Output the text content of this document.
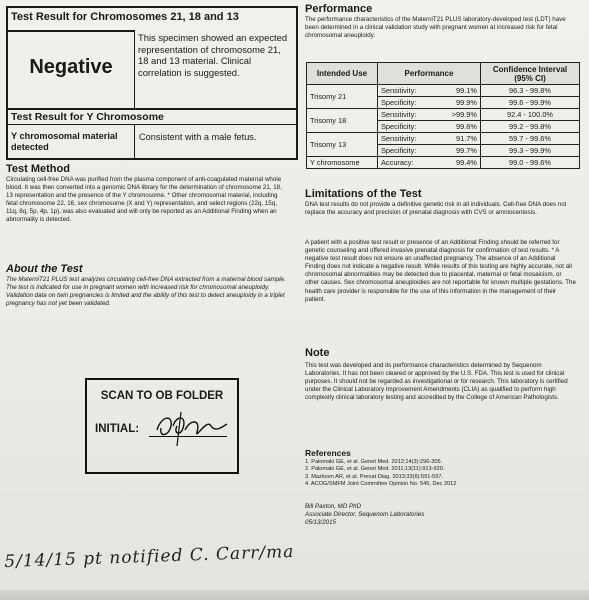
Test Result for Chromosomes 21, 18 and 13
Negative
This specimen showed an expected representation of chromosome 21, 18 and 13 material. Clinical correlation is suggested.
Test Result for Y Chromosome
Y chromosomal material detected
Consistent with a male fetus.
Test Method
Circulating cell-free DNA was purified from the plasma component of anti-coagulated maternal whole blood. It was then converted into a genomic DNA library for the determination of chromosome 21, 18, 13 representation and the presence of the Y chromosome. * Other chromosomal material, including fetal chromosome 22, 16, sex chromosome (X and Y) representation, and select regions (22q, 15q, 11q, 8q, 5p, 4p, 1p), was also evaluated and will only be reported as an Additional Finding when an abnormality is detected.
About the Test
The MaterniT21 PLUS test analyzes circulating cell-free DNA extracted from a maternal blood sample. The test is indicated for use in pregnant women with increased risk for chromosomal aneuploidy. Validation data on twin pregnancies is limited and the ability of this test to detect aneuploidy in a triplet pregnancy has not yet been validated.
SCAN TO OB FOLDER
INITIAL:
Performance
The performance characteristics of the MaterniT21 PLUS laboratory-developed test (LDT) have been determined in a clinical validation study with pregnant women at increased risk for fetal chromosomal aneuploidy.
Intended Use	Performance	Confidence Interval (95% CI)
Trisomy 21	Sensitivity: 99.1%	96.3 - 99.8%
	Specificity: 99.9%	99.6 - 99.9%
Trisomy 18	Sensitivity: >99.9%	92.4 - 100.0%
	Specificity: 99.6%	99.2 - 99.8%
Trisomy 13	Sensitivity: 91.7%	59.7 - 99.6%
	Specificity: 99.7%	99.3 - 99.9%
Y chromosome	Accuracy: 99.4%	99.0 - 99.6%
Limitations of the Test
DNA test results do not provide a definitive genetic risk in all individuals. Cell-free DNA does not replace the accuracy and precision of prenatal diagnosis with CVS or amniocentesis.
A patient with a positive test result or presence of an Additional Finding should be referred for genetic counseling and offered invasive prenatal diagnosis for confirmation of test results. * A negative test result does not ensure an unaffected pregnancy. The absence of an Additional Finding does not indicate a negative result. While results of this testing are highly accurate, not all chromosomal abnormalities may be detected due to placental, maternal or fetal mosaicism, or other causes. Sex chromosomal aneuploidies are not reportable for known multiple gestations. The health care provider is responsible for the use of this information in the management of their patient.
Note
This test was developed and its performance characteristics determined by Sequenom Laboratories. It has not been cleared or approved by the U.S. FDA. This test is used for clinical purposes. It should not be regarded as investigational or for research. This laboratory is certified under the Clinical Laboratory Improvement Amendments (CLIA) as qualified to perform high complexity clinical laboratory testing and accredited by the College of American Pathologists.
References
1. Palomaki GE, et al. Genet Med. 2012;14(3):296-305.
2. Palomaki GE, et al. Genet Med. 2011;13(11):913-920.
3. Mazloom AR, et al. Prenat Diag. 2013;33(6):591-597.
4. ACOG/SMFM Joint Committee Opinion No. 545, Dec 2012
Bill Paxton, MD PhD
Associate Director, Sequenom Laboratories
05/13/2015
5/14/15 pt notified C. Carr/ma
